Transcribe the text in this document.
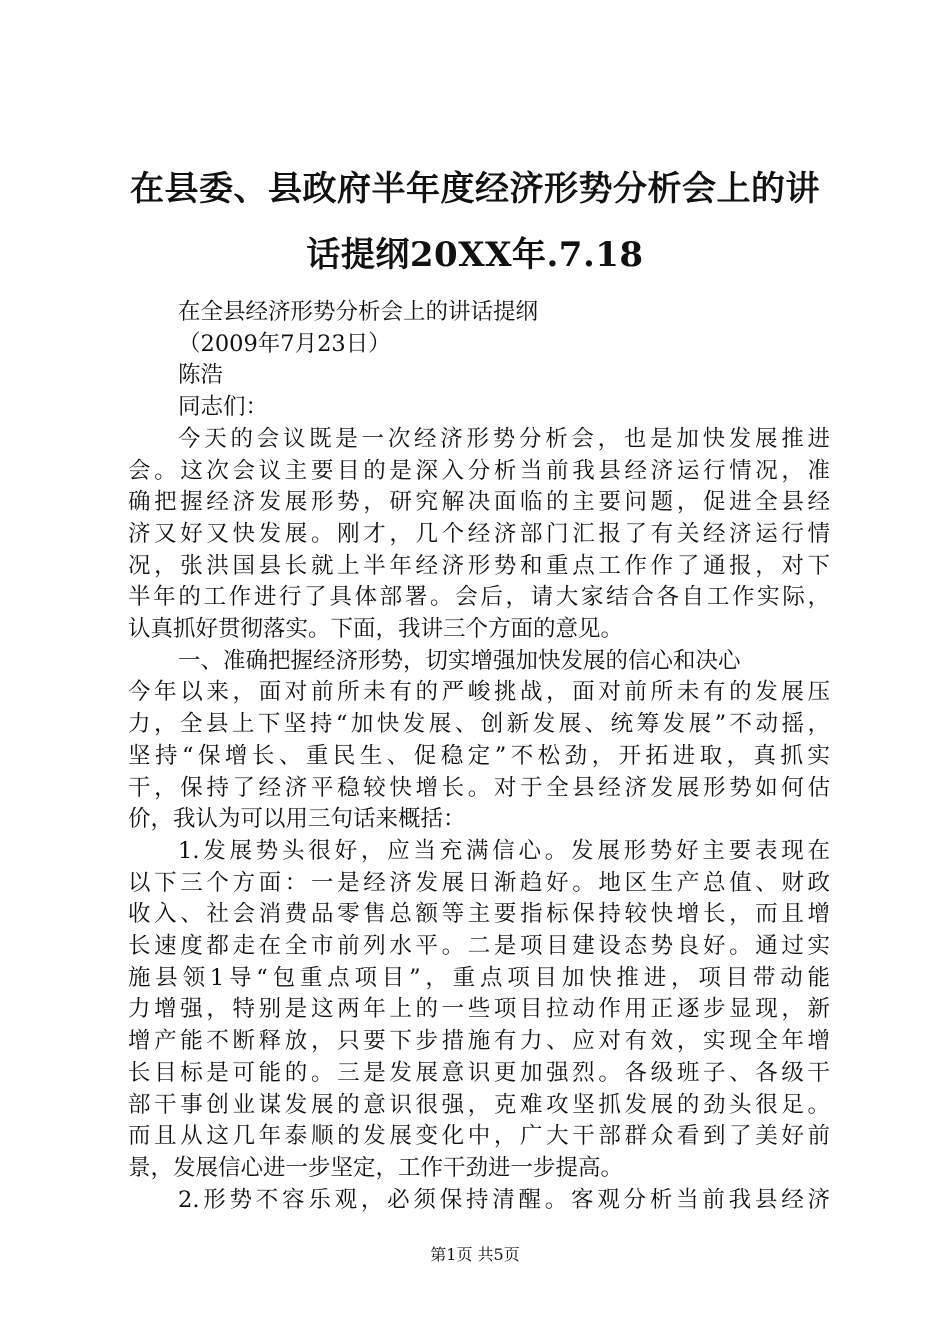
在县委、县政府半年度经济形势分析会上的讲
话提纲20XX年.7.18
在全县经济形势分析会上的讲话提纲
（2009年7月23日）
陈浩
同志们：
今天的会议既是一次经济形势分析会，也是加快发展推进
会。这次会议主要目的是深入分析当前我县经济运行情况，准
确把握经济发展形势，研究解决面临的主要问题，促进全县经
济又好又快发展。刚才，几个经济部门汇报了有关经济运行情
况，张洪国县长就上半年经济形势和重点工作作了通报，对下
半年的工作进行了具体部署。会后，请大家结合各自工作实际，
认真抓好贯彻落实。下面，我讲三个方面的意见。
一、准确把握经济形势，切实增强加快发展的信心和决心
今年以来，面对前所未有的严峻挑战，面对前所未有的发展压
力，全县上下坚持“加快发展、创新发展、统筹发展”不动摇，
坚持“保增长、重民生、促稳定”不松劲，开拓进取，真抓实
干，保持了经济平稳较快增长。对于全县经济发展形势如何估
价，我认为可以用三句话来概括：
1.发展势头很好，应当充满信心。发展形势好主要表现在
以下三个方面：一是经济发展日渐趋好。地区生产总值、财政
收入、社会消费品零售总额等主要指标保持较快增长，而且增
长速度都走在全市前列水平。二是项目建设态势良好。通过实
施县领1导“包重点项目”，重点项目加快推进，项目带动能
力增强，特别是这两年上的一些项目拉动作用正逐步显现，新
增产能不断释放，只要下步措施有力、应对有效，实现全年增
长目标是可能的。三是发展意识更加强烈。各级班子、各级干
部干事创业谋发展的意识很强，克难攻坚抓发展的劲头很足。
而且从这几年泰顺的发展变化中，广大干部群众看到了美好前
景，发展信心进一步坚定，工作干劲进一步提高。
2.形势不容乐观，必须保持清醒。客观分析当前我县经济
第1页 共5页
